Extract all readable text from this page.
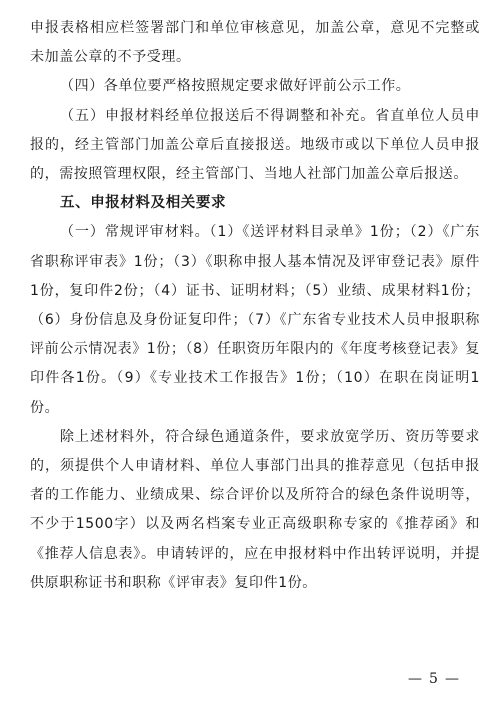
申报表格相应栏签署部门和单位审核意见，加盖公章，意见不完整或未加盖公章的不予受理。

（四）各单位要严格按照规定要求做好评前公示工作。

（五）申报材料经单位报送后不得调整和补充。省直单位人员申报的，经主管部门加盖公章后直接报送。地级市或以下单位人员申报的，需按照管理权限，经主管部门、当地人社部门加盖公章后报送。

五、申报材料及相关要求

（一）常规评审材料。（1）《送评材料目录单》1份；（2）《广东省职称评审表》1份；（3）《职称申报人基本情况及评审登记表》原件1份，复印件2份；（4）证书、证明材料；（5）业绩、成果材料1份；（6）身份信息及身份证复印件；（7）《广东省专业技术人员申报职称评前公示情况表》1份；（8）任职资历年限内的《年度考核登记表》复印件各1份。（9）《专业技术工作报告》1份；（10）在职在岗证明1份。

除上述材料外，符合绿色通道条件，要求放宽学历、资历等要求的，须提供个人申请材料、单位人事部门出具的推荐意见（包括申报者的工作能力、业绩成果、综合评价以及所符合的绿色条件说明等，不少于1500字）以及两名档案专业正高级职称专家的《推荐函》和《推荐人信息表》。申请转评的，应在申报材料中作出转评说明，并提供原职称证书和职称《评审表》复印件1份。

— 5 —
